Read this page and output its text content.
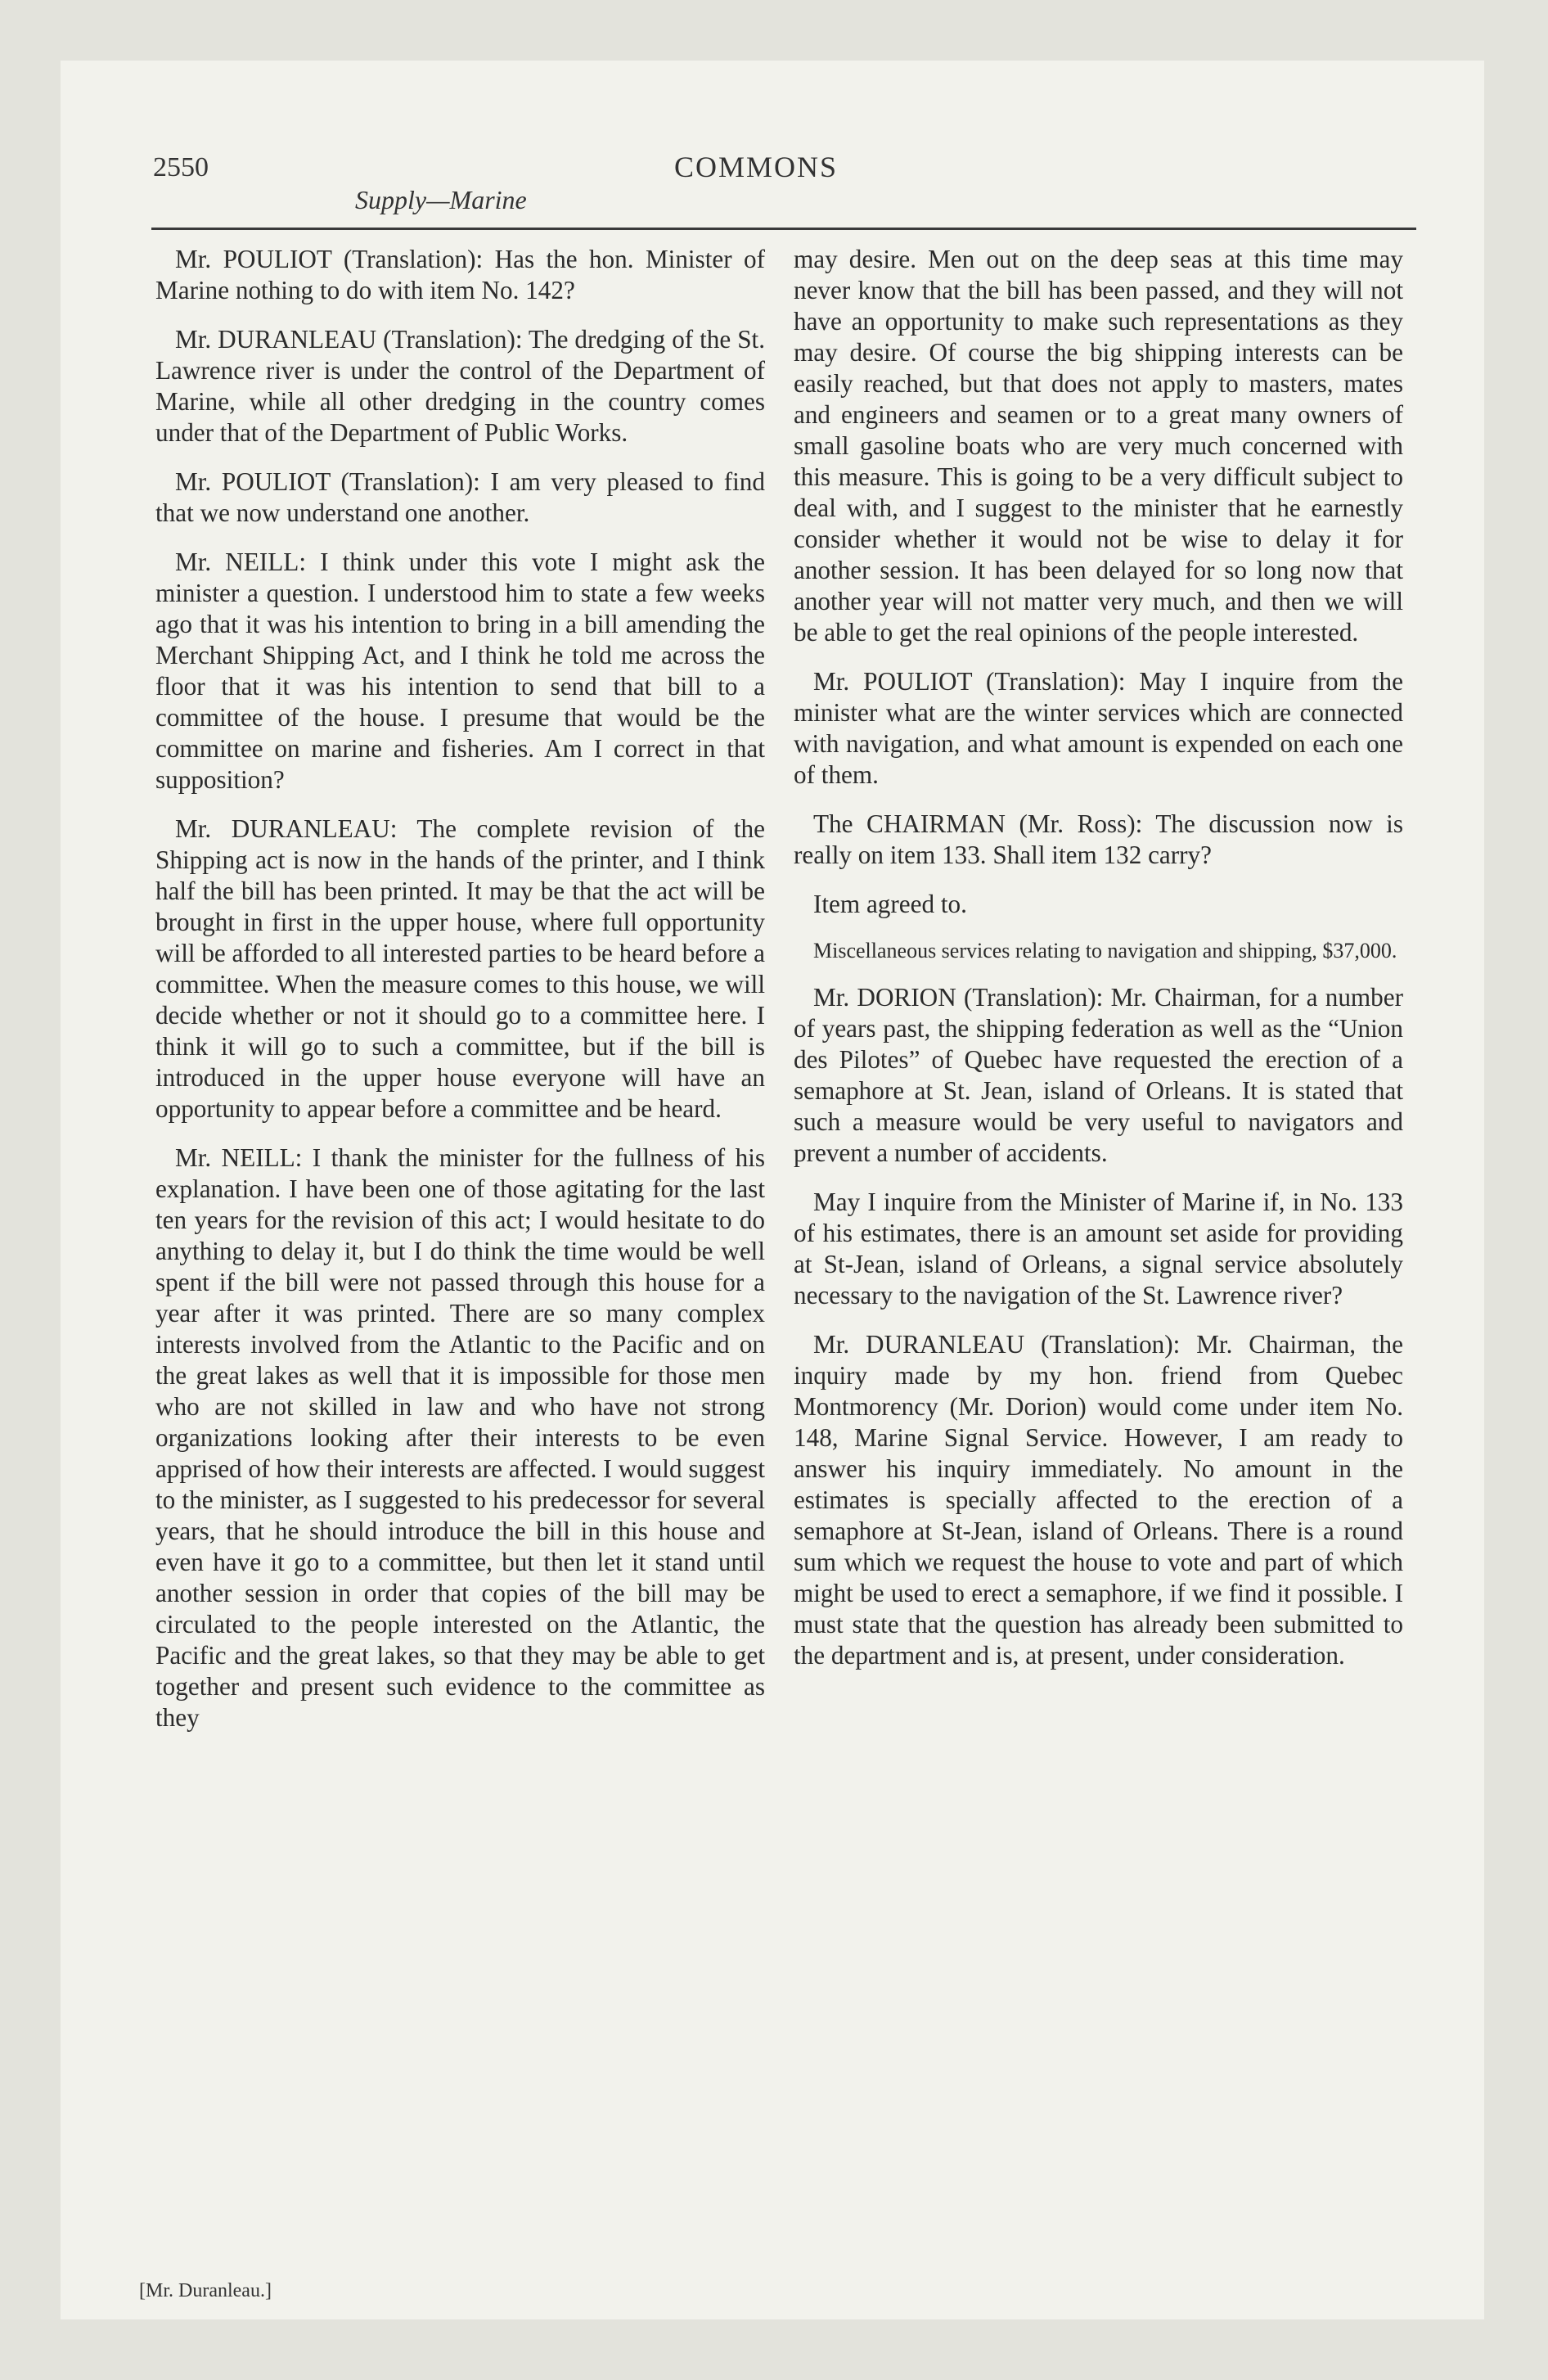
2550	COMMONS
Supply—Marine

Mr. POULIOT (Translation): Has the hon. Minister of Marine nothing to do with item No. 142?

Mr. DURANLEAU (Translation): The dredging of the St. Lawrence river is under the control of the Department of Marine, while all other dredging in the country comes under that of the Department of Public Works.

Mr. POULIOT (Translation): I am very pleased to find that we now understand one another.

Mr. NEILL: I think under this vote I might ask the minister a question. I understood him to state a few weeks ago that it was his intention to bring in a bill amending the Merchant Shipping Act, and I think he told me across the floor that it was his intention to send that bill to a committee of the house. I presume that would be the committee on marine and fisheries. Am I correct in that supposition?

Mr. DURANLEAU: The complete revision of the Shipping act is now in the hands of the printer, and I think half the bill has been printed. It may be that the act will be brought in first in the upper house, where full opportunity will be afforded to all interested parties to be heard before a committee. When the measure comes to this house, we will decide whether or not it should go to a committee here. I think it will go to such a committee, but if the bill is introduced in the upper house everyone will have an opportunity to appear before a committee and be heard.

Mr. NEILL: I thank the minister for the fullness of his explanation. I have been one of those agitating for the last ten years for the revision of this act; I would hesitate to do anything to delay it, but I do think the time would be well spent if the bill were not passed through this house for a year after it was printed. There are so many complex interests involved from the Atlantic to the Pacific and on the great lakes as well that it is impossible for those men who are not skilled in law and who have not strong organizations looking after their interests to be even apprised of how their interests are affected. I would suggest to the minister, as I suggested to his predecessor for several years, that he should introduce the bill in this house and even have it go to a committee, but then let it stand until another session in order that copies of the bill may be circulated to the people interested on the Atlantic, the Pacific and the great lakes, so that they may be able to get together and present such evidence to the committee as they

may desire. Men out on the deep seas at this time may never know that the bill has been passed, and they will not have an opportunity to make such representations as they may desire. Of course the big shipping interests can be easily reached, but that does not apply to masters, mates and engineers and seamen or to a great many owners of small gasoline boats who are very much concerned with this measure. This is going to be a very difficult subject to deal with, and I suggest to the minister that he earnestly consider whether it would not be wise to delay it for another session. It has been delayed for so long now that another year will not matter very much, and then we will be able to get the real opinions of the people interested.

Mr. POULIOT (Translation): May I inquire from the minister what are the winter services which are connected with navigation, and what amount is expended on each one of them.

The CHAIRMAN (Mr. Ross): The discussion now is really on item 133. Shall item 132 carry?

Item agreed to.

Miscellaneous services relating to navigation and shipping, $37,000.

Mr. DORION (Translation): Mr. Chairman, for a number of years past, the shipping federation as well as the “Union des Pilotes” of Quebec have requested the erection of a semaphore at St. Jean, island of Orleans. It is stated that such a measure would be very useful to navigators and prevent a number of accidents.

May I inquire from the Minister of Marine if, in No. 133 of his estimates, there is an amount set aside for providing at St-Jean, island of Orleans, a signal service absolutely necessary to the navigation of the St. Lawrence river?

Mr. DURANLEAU (Translation): Mr. Chairman, the inquiry made by my hon. friend from Quebec Montmorency (Mr. Dorion) would come under item No. 148, Marine Signal Service. However, I am ready to answer his inquiry immediately. No amount in the estimates is specially affected to the erection of a semaphore at St-Jean, island of Orleans. There is a round sum which we request the house to vote and part of which might be used to erect a semaphore, if we find it possible. I must state that the question has already been submitted to the department and is, at present, under consideration.

[Mr. Duranleau.]
